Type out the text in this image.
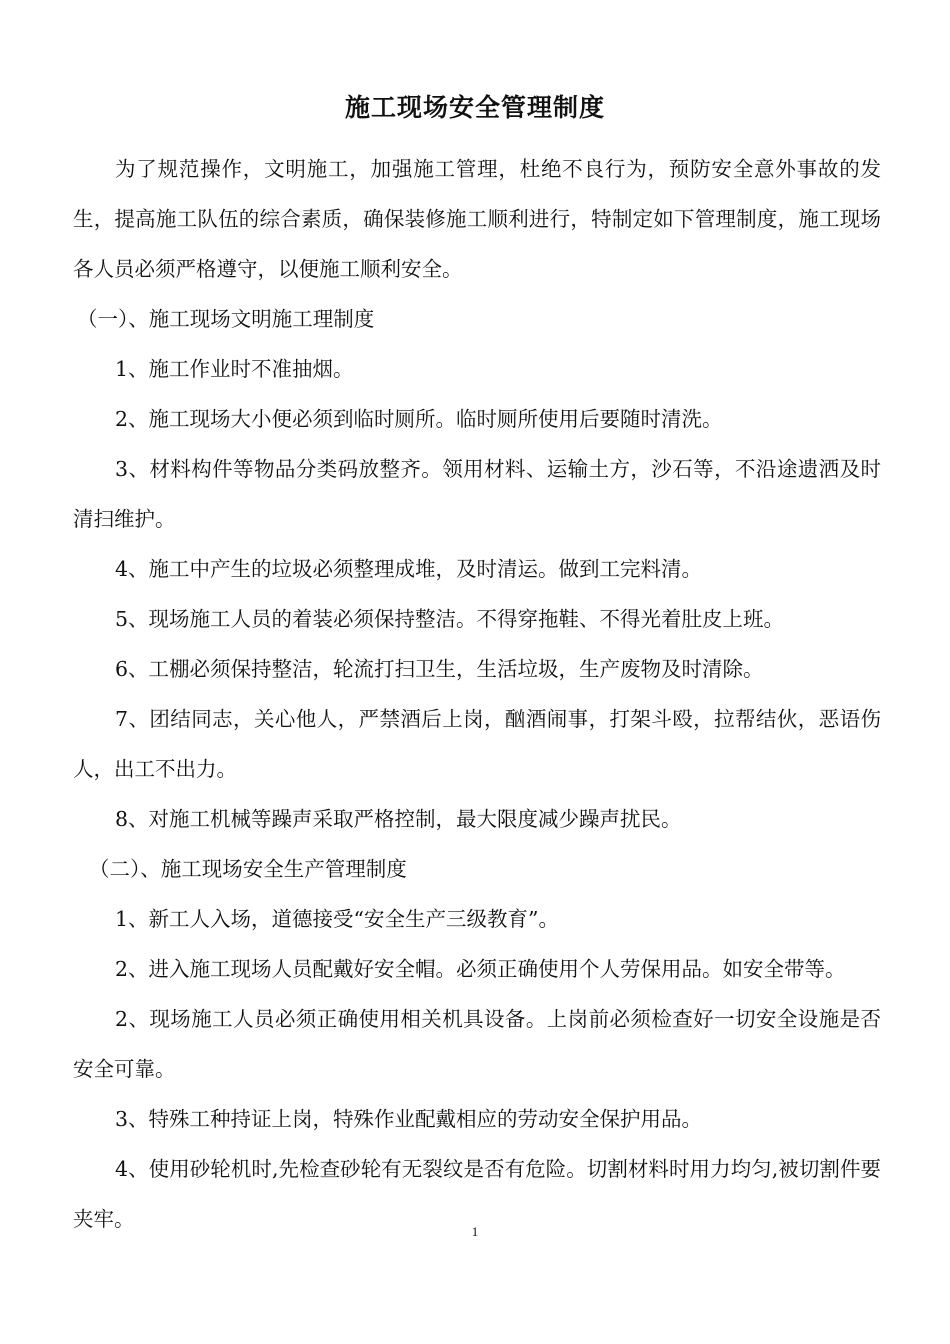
施工现场安全管理制度

为了规范操作，文明施工，加强施工管理，杜绝不良行为，预防安全意外事故的发生，提高施工队伍的综合素质，确保装修施工顺利进行，特制定如下管理制度，施工现场各人员必须严格遵守，以便施工顺利安全。

（一）、施工现场文明施工理制度

1、施工作业时不准抽烟。

2、施工现场大小便必须到临时厕所。临时厕所使用后要随时清洗。

3、材料构件等物品分类码放整齐。领用材料、运输土方，沙石等，不沿途遗洒及时清扫维护。

4、施工中产生的垃圾必须整理成堆，及时清运。做到工完料清。

5、现场施工人员的着装必须保持整洁。不得穿拖鞋、不得光着肚皮上班。

6、工棚必须保持整洁，轮流打扫卫生，生活垃圾，生产废物及时清除。

7、团结同志，关心他人，严禁酒后上岗，酗酒闹事，打架斗殴，拉帮结伙，恶语伤人，出工不出力。

8、对施工机械等躁声采取严格控制，最大限度减少躁声扰民。

（二）、施工现场安全生产管理制度

1、新工人入场，道德接受“安全生产三级教育”。

2、进入施工现场人员配戴好安全帽。必须正确使用个人劳保用品。如安全带等。

2、现场施工人员必须正确使用相关机具设备。上岗前必须检查好一切安全设施是否安全可靠。

3、特殊工种持证上岗，特殊作业配戴相应的劳动安全保护用品。

4、使用砂轮机时,先检查砂轮有无裂纹是否有危险。切割材料时用力均匀,被切割件要夹牢。

1
